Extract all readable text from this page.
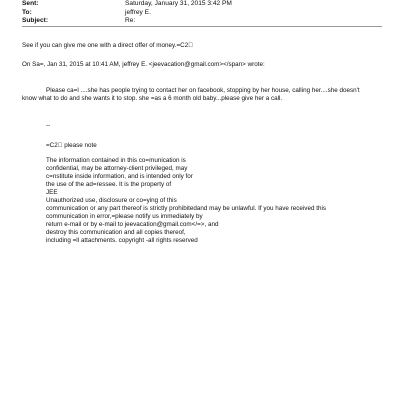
Sent:	Saturday, January 31, 2015 3:42 PM
To:	jeffrey E.
Subject:	Re:
See if you can give me one with a direct offer of money.=C2 
On Sa=, Jan 31, 2015 at 10:41 AM, jeffrey E. <jeevacation@gmail.com></span> wrote:
Please ca=l ....she has people trying to contact her on facebook, stopping by her house, calling her....she doesn't
know what to do and she wants it to stop. she =as a 6 month old baby...please give her a call.
--
=C2  please note
The information contained in this co=munication is
confidential, may be attorney-client privileged, may
c=nstitute inside information, and is intended only for
the use of the ad=ressee. It is the property of
JEE
Unauthorized use, disclosure or co=ying of this
communication or any part thereof is strictly prohibitedand may be unlawful. If you have received this
communication in error,=please notify us immediately by
return e-mail or by e-mail to jeevacation@gmail.com</=>, and
destroy this communication and all copies thereof,
including =ll attachments. copyright -all rights reserved
